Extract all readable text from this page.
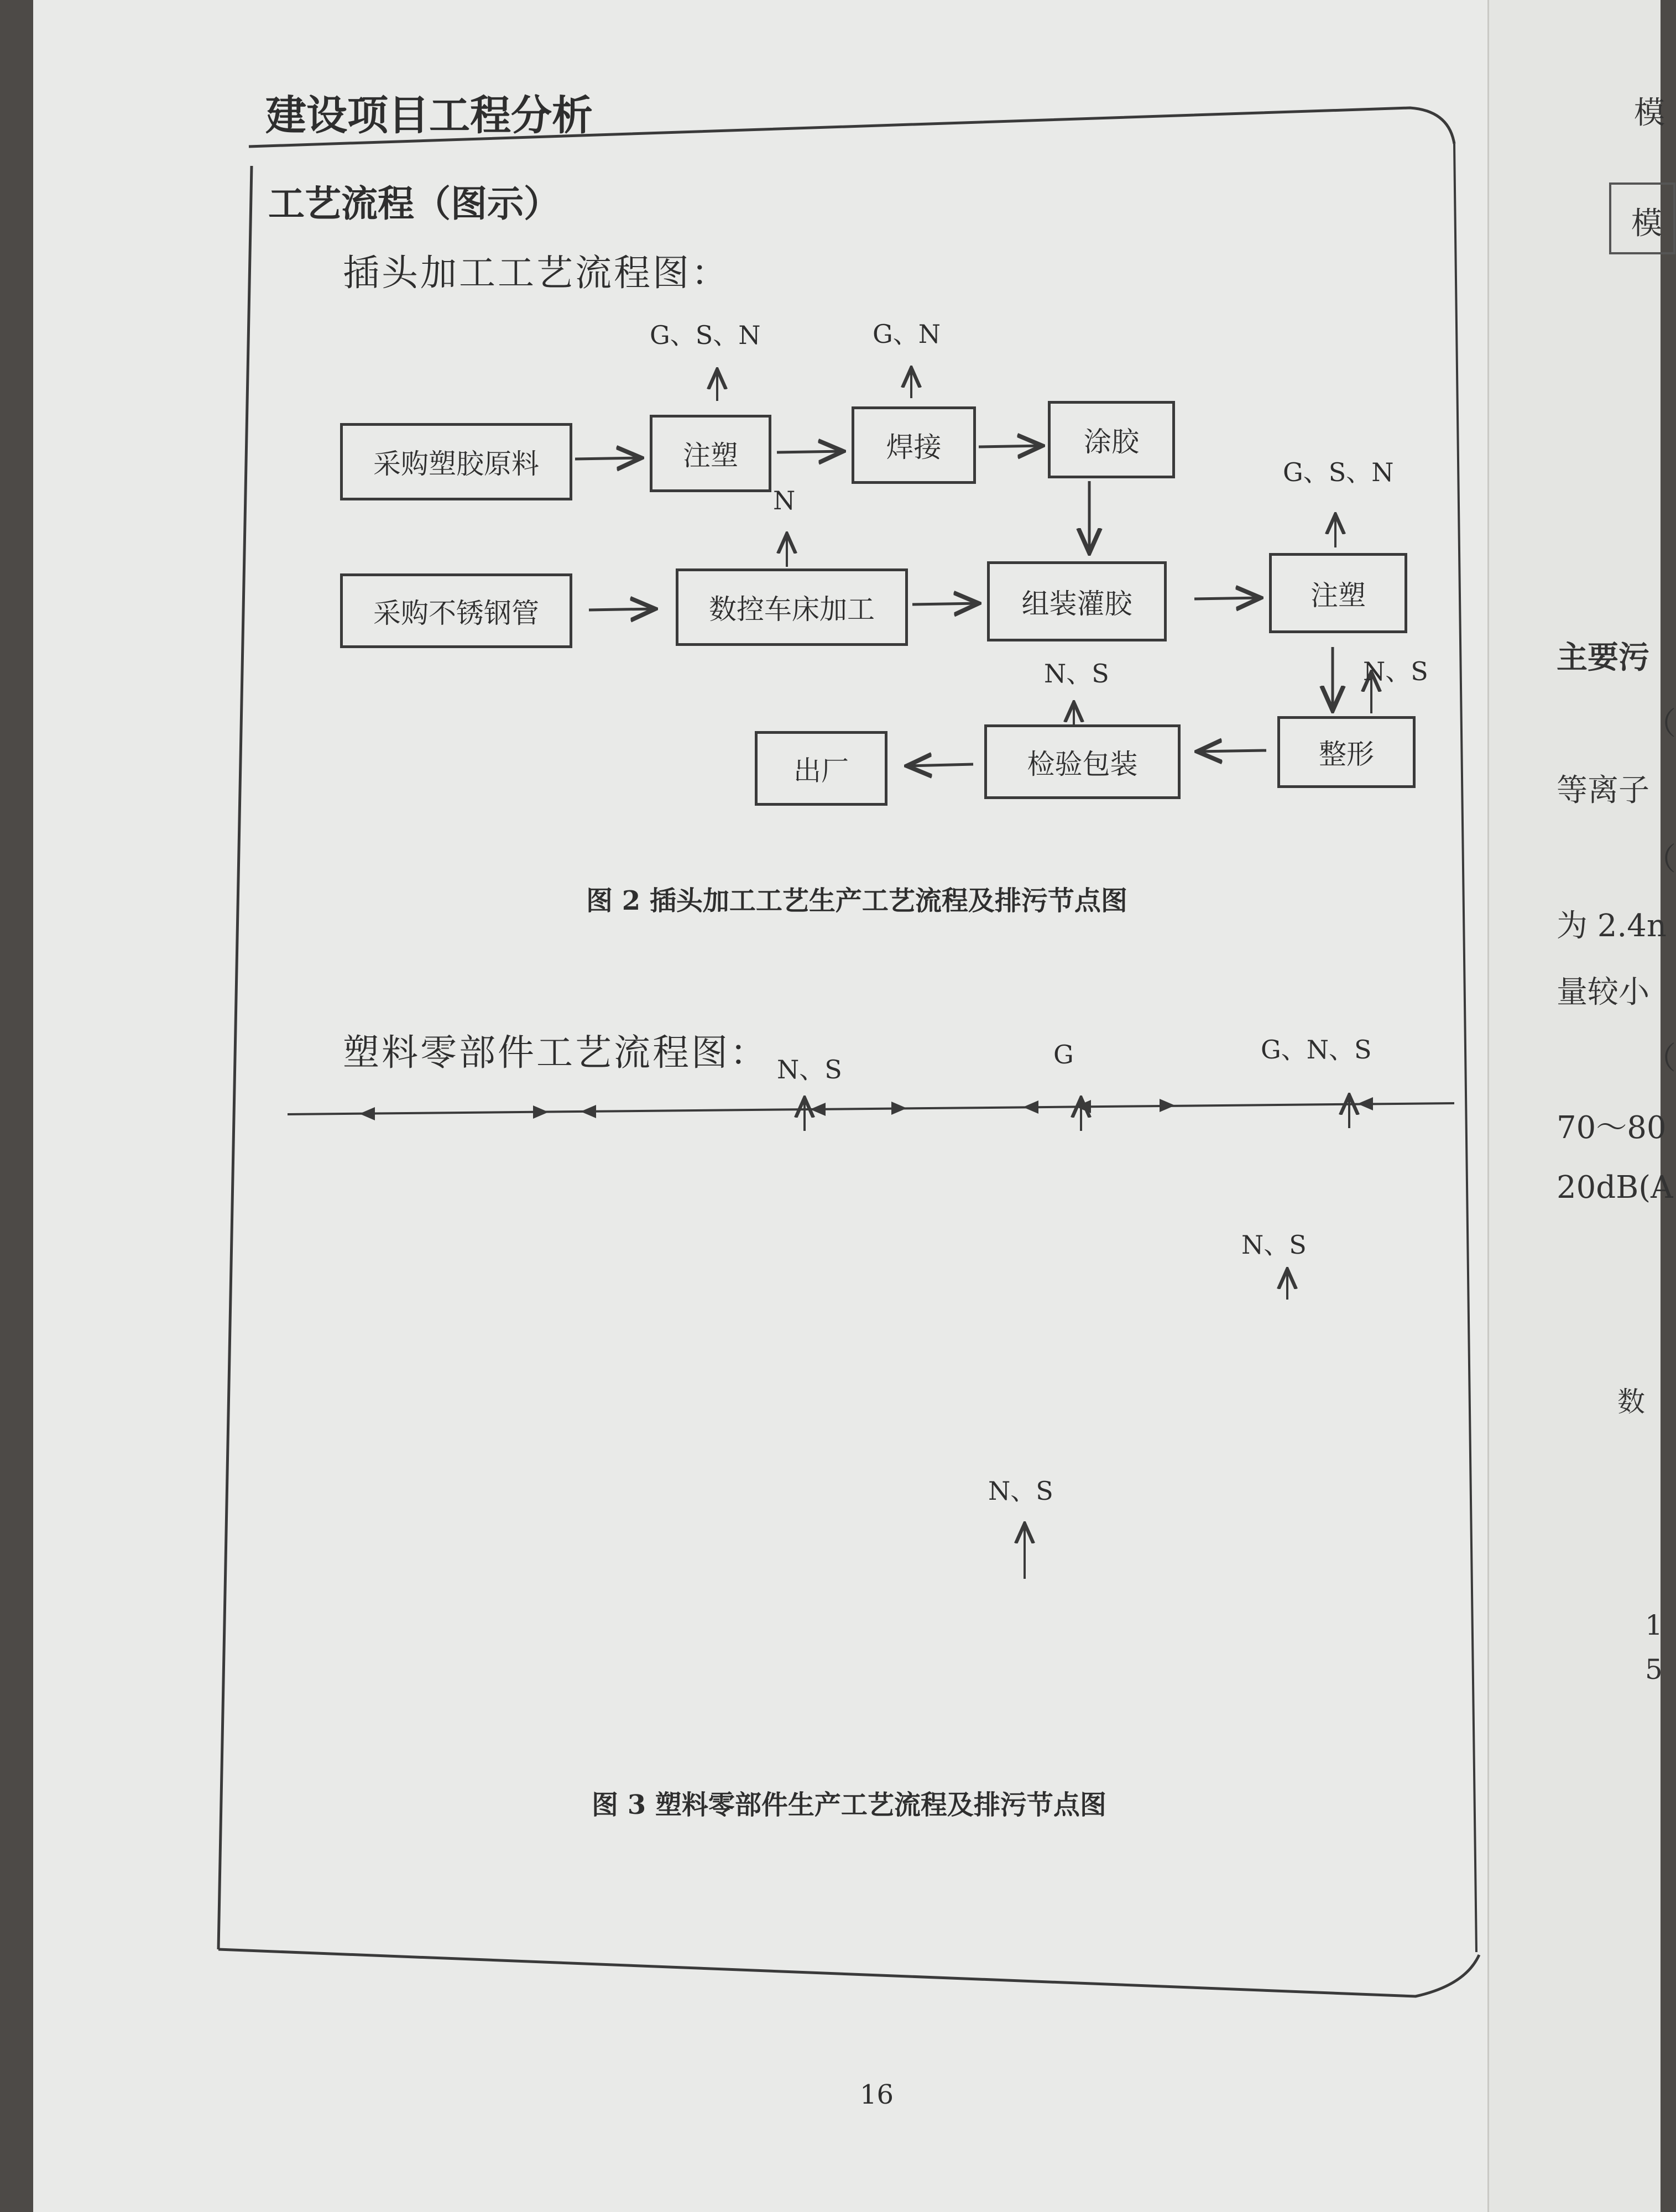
建设项目工程分析
工艺流程（图示）
插头加工工艺流程图：
采购塑胶原料	注塑	焊接	涂胶
采购不锈钢管	数控车床加工	组装灌胶	注塑
整形
检验包装
出厂
G、S、N	G、N
N
G、S、N
N、S
N、S
图 2 插头加工工艺生产工艺流程及排污节点图
塑料零部件工艺流程图： N、S	G	G、N、S
N、S
N、S
图 3 塑料零部件生产工艺流程及排污节点图
16
模
模
主要污
（
等离子
（
为 2.4n
量较小
（
70～80
20dB(A
数
1
5
